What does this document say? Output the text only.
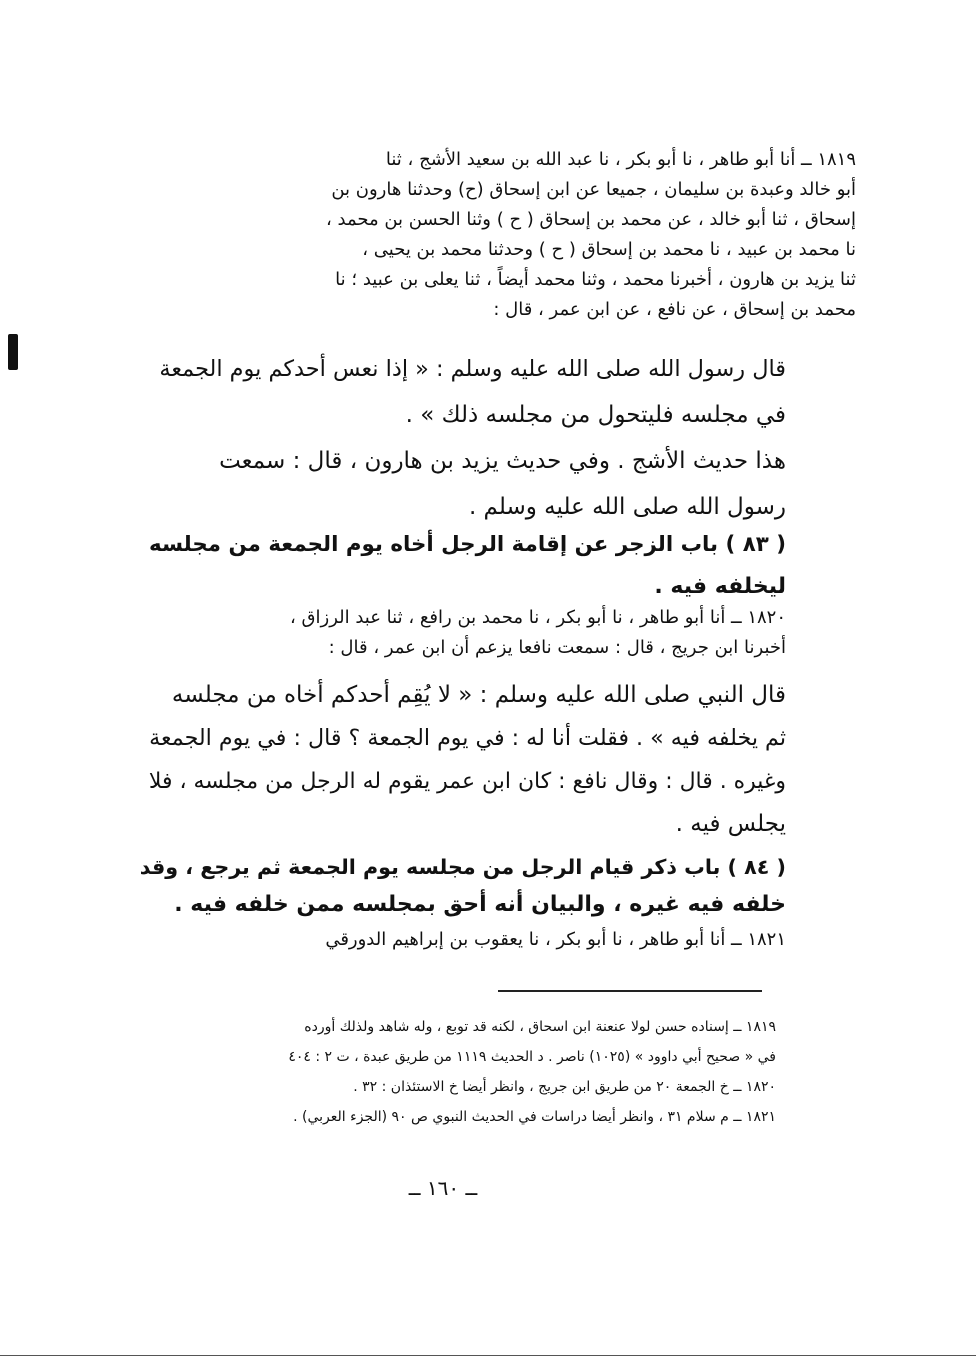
١٨١٩ ــ أنا أبو طاهر ، نا أبو بكر ، نا عبد الله بن سعيد الأشج ، ثنا
أبو خالد وعبدة بن سليمان ، جميعا عن ابن إسحاق (ح) وحدثنا هارون بن
إسحاق ، ثنا أبو خالد ، عن محمد بن إسحاق ( ح ) وثنا الحسن بن محمد ،
نا محمد بن عبيد ، نا محمد بن إسحاق ( ح ) وحدثنا محمد بن يحيى ،
ثنا يزيد بن هارون ، أخبرنا محمد ، وثنا محمد أيضاً ، ثنا يعلى بن عبيد ؛ نا
محمد بن إسحاق ، عن نافع ، عن ابن عمر ، قال :
قال رسول الله صلى الله عليه وسلم : « إذا نعس أحدكم يوم الجمعة
في مجلسه فليتحول من مجلسه ذلك » .
هذا حديث الأشج . وفي حديث يزيد بن هارون ، قال : سمعت
رسول الله صلى الله عليه وسلم .
( ٨٣ ) باب الزجر عن إقامة الرجل أخاه يوم الجمعة من مجلسه
ليخلفه فيه .
١٨٢٠ ــ أنا أبو طاهر ، نا أبو بكر ، نا محمد بن رافع ، ثنا عبد الرزاق ،
أخبرنا ابن جريج ، قال : سمعت نافعا يزعم أن ابن عمر ، قال :
قال النبي صلى الله عليه وسلم : « لا يُقِم أحدكم أخاه من مجلسه
ثم يخلفه فيه » . فقلت أنا له : في يوم الجمعة ؟ قال : في يوم الجمعة
وغيره . قال : وقال نافع : كان ابن عمر يقوم له الرجل من مجلسه ، فلا
يجلس فيه .
( ٨٤ ) باب ذكر قيام الرجل من مجلسه يوم الجمعة ثم يرجع ، وقد
خلفه فيه غيره ، والبيان أنه أحق بمجلسه ممن خلفه فيه .
١٨٢١ ــ أنا أبو طاهر ، نا أبو بكر ، نا يعقوب بن إبراهيم الدورقي
١٨١٩ ــ إسناده حسن لولا عنعنة ابن اسحاق ، لكنه قد توبع ، وله شاهد ولذلك أورده
في « صحيح أبي داوود » (١٠٢٥) ناصر . د الحديث ١١١٩ من طريق عبدة ، ت ٢ : ٤٠٤
١٨٢٠ ــ خ الجمعة ٢٠ من طريق ابن جريج ، وانظر أيضا خ الاستئذان : ٣٢ .
١٨٢١ ــ م سلام ٣١ ، وانظر أيضا دراسات في الحديث النبوي ص ٩٠ (الجزء العربي) .
ــ ١٦٠ ــ
